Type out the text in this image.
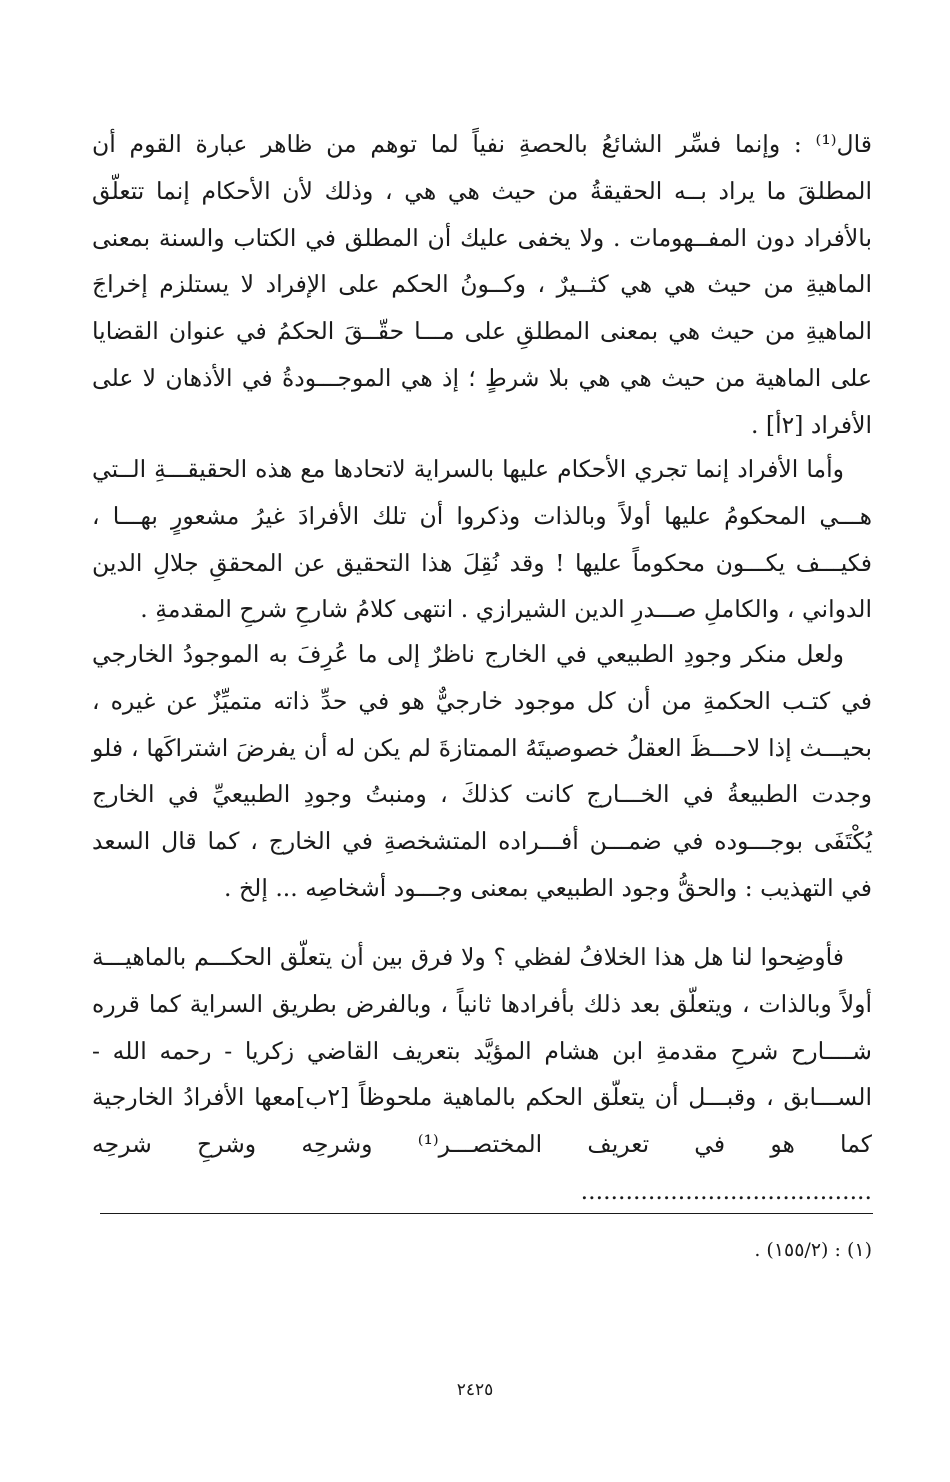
قال⁽¹⁾ : وإنما فسِّر الشائعُ بالحصةِ نفياً لما توهم من ظاهر عبارة القوم أن المطلقَ ما يراد بــه الحقيقةُ من حيث هي هي ، وذلك لأن الأحكام إنما تتعلّق بالأفراد دون المفــهومات . ولا يخفى عليك أن المطلق في الكتاب والسنة بمعنى الماهيةِ من حيث هي هي كثــيرٌ ، وكــونُ الحكم على الإفراد لا يستلزم إخراجَ الماهيةِ من حيث هي بمعنى المطلقِ على مـــا حقّــقَ الحكمُ في عنوان القضايا على الماهية من حيث هي هي بلا شرطٍ ؛ إذ هي الموجـــودةُ في الأذهان لا على الأفراد [٢أ] .

وأما الأفراد إنما تجري الأحكام عليها بالسراية لاتحادها مع هذه الحقيقـــةِ الــتي هـــي المحكومُ عليها أولاً وبالذات وذكروا أن تلك الأفرادَ غيرُ مشعورٍ بهـــا ، فكيـــف يكـــون محكوماً عليها ! وقد نُقِلَ هذا التحقيق عن المحققِ جلالِ الدين الدواني ، والكاملِ صـــدرِ الدين الشيرازي . انتهى كلامُ شارحِ شرحِ المقدمةِ .

ولعل منكر وجودِ الطبيعي في الخارج ناظرٌ إلى ما عُرِفَ به الموجودُ الخارجي في كتـب الحكمةِ من أن كل موجود خارجيٌّ هو في حدِّ ذاته متميِّزٌ عن غيره ، بحيـــث إذا لاحـــظَ العقلُ خصوصيتَهُ الممتازةَ لم يكن له أن يفرضَ اشتراكَها ، فلو وجدت الطبيعةُ في الخـــارج كانت كذلكَ ، ومنبتُ وجودِ الطبيعيِّ في الخارج يُكْتَفَى بوجـــوده في ضمـــن أفـــراده المتشخصةِ في الخارج ، كما قال السعد في التهذيب : والحقُّ وجود الطبيعي بمعنى وجـــود أشخاصِه ... إلخ .

فأوضِحوا لنا هل هذا الخلافُ لفظي ؟ ولا فرق بين أن يتعلّق الحكـــم بالماهيـــة أولاً وبالذات ، ويتعلّق بعد ذلك بأفرادها ثانياً ، وبالفرض بطريق السراية كما قرره شــــارح شرحِ مقدمةِ ابن هشام المؤيَّد بتعريف القاضي زكريا - رحمه الله - الســـابق ، وقبـــل أن يتعلّق الحكم بالماهية ملحوظاً [٢ب]معها الأفرادُ الخارجية كما هو في تعريف المختصـــر⁽¹⁾ وشرحِه وشرحِ شرحِه .......................................

(١) : (١٥٥/٢) .
٢٤٢٥
